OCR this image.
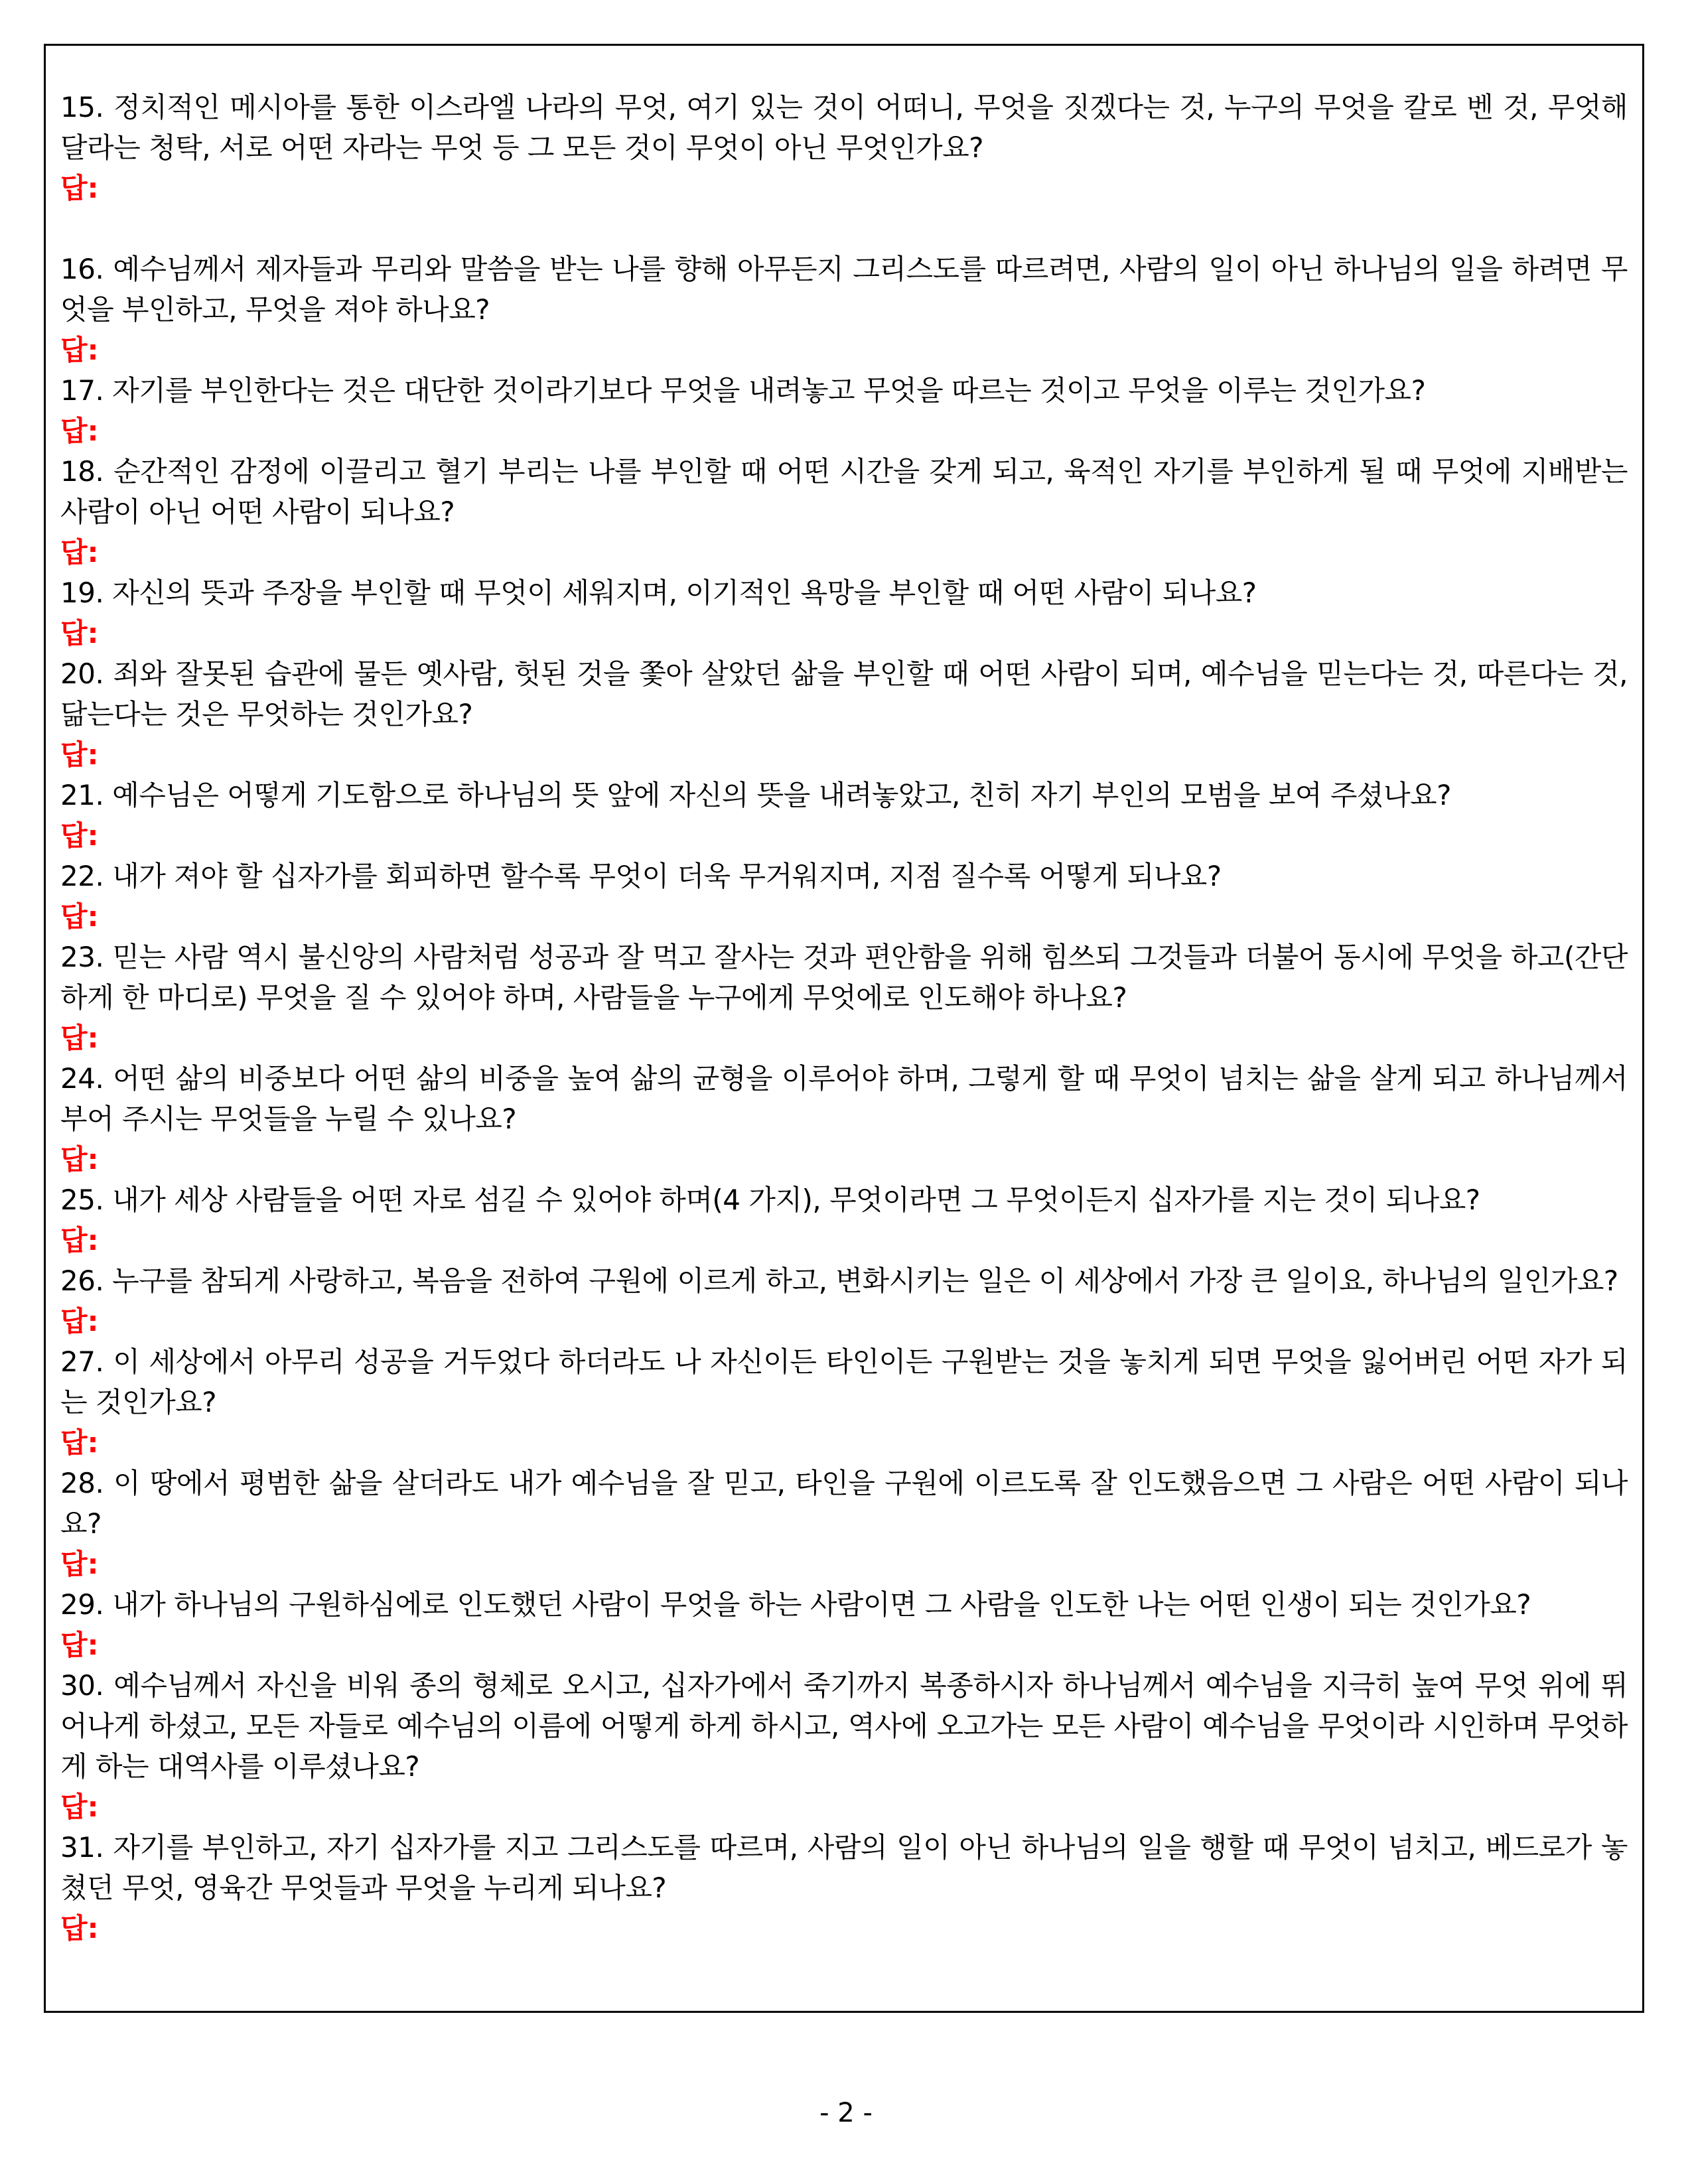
15. 정치적인 메시아를 통한 이스라엘 나라의 무엇, 여기 있는 것이 어떠니, 무엇을 짓겠다는 것, 누구의 무엇을 칼로 벤 것, 무엇해 달라는 청탁, 서로 어떤 자라는 무엇 등 그 모든 것이 무엇이 아닌 무엇인가요?

답:

16. 예수님께서 제자들과 무리와 말씀을 받는 나를 향해 아무든지 그리스도를 따르려면, 사람의 일이 아닌 하나님의 일을 하려면 무엇을 부인하고, 무엇을 져야 하나요?

답:

17. 자기를 부인한다는 것은 대단한 것이라기보다 무엇을 내려놓고 무엇을 따르는 것이고 무엇을 이루는 것인가요?

답:

18. 순간적인 감정에 이끌리고 혈기 부리는 나를 부인할 때 어떤 시간을 갖게 되고, 육적인 자기를 부인하게 될 때 무엇에 지배받는 사람이 아닌 어떤 사람이 되나요?

답:

19. 자신의 뜻과 주장을 부인할 때 무엇이 세워지며, 이기적인 욕망을 부인할 때 어떤 사람이 되나요?

답:

20. 죄와 잘못된 습관에 물든 옛사람, 헛된 것을 쫓아 살았던 삶을 부인할 때 어떤 사람이 되며, 예수님을 믿는다는 것, 따른다는 것, 닮는다는 것은 무엇하는 것인가요?

답:

21. 예수님은 어떻게 기도함으로 하나님의 뜻 앞에 자신의 뜻을 내려놓았고, 친히 자기 부인의 모범을 보여 주셨나요?

답:

22. 내가 져야 할 십자가를 회피하면 할수록 무엇이 더욱 무거워지며, 지점 질수록 어떻게 되나요?

답:

23. 믿는 사람 역시 불신앙의 사람처럼 성공과 잘 먹고 잘사는 것과 편안함을 위해 힘쓰되 그것들과 더불어 동시에 무엇을 하고(간단하게 한 마디로) 무엇을 질 수 있어야 하며, 사람들을 누구에게 무엇에로 인도해야 하나요?

답:

24. 어떤 삶의 비중보다 어떤 삶의 비중을 높여 삶의 균형을 이루어야 하며, 그렇게 할 때 무엇이 넘치는 삶을 살게 되고 하나님께서 부어 주시는 무엇들을 누릴 수 있나요?

답:

25. 내가 세상 사람들을 어떤 자로 섬길 수 있어야 하며(4 가지), 무엇이라면 그 무엇이든지 십자가를 지는 것이 되나요?

답:

26. 누구를 참되게 사랑하고, 복음을 전하여 구원에 이르게 하고, 변화시키는 일은 이 세상에서 가장 큰 일이요, 하나님의 일인가요?

답:

27. 이 세상에서 아무리 성공을 거두었다 하더라도 나 자신이든 타인이든 구원받는 것을 놓치게 되면 무엇을 잃어버린 어떤 자가 되는 것인가요?

답:

28. 이 땅에서 평범한 삶을 살더라도 내가 예수님을 잘 믿고, 타인을 구원에 이르도록 잘 인도했음으면 그 사람은 어떤 사람이 되나요?

답:

29. 내가 하나님의 구원하심에로 인도했던 사람이 무엇을 하는 사람이면 그 사람을 인도한 나는 어떤 인생이 되는 것인가요?

답:

30. 예수님께서 자신을 비워 종의 형체로 오시고, 십자가에서 죽기까지 복종하시자 하나님께서 예수님을 지극히 높여 무엇 위에 뛰어나게 하셨고, 모든 자들로 예수님의 이름에 어떻게 하게 하시고, 역사에 오고가는 모든 사람이 예수님을 무엇이라 시인하며 무엇하게 하는 대역사를 이루셨나요?

답:

31. 자기를 부인하고, 자기 십자가를 지고 그리스도를 따르며, 사람의 일이 아닌 하나님의 일을 행할 때 무엇이 넘치고, 베드로가 놓쳤던 무엇, 영육간 무엇들과 무엇을 누리게 되나요?

답:

- 2 -
